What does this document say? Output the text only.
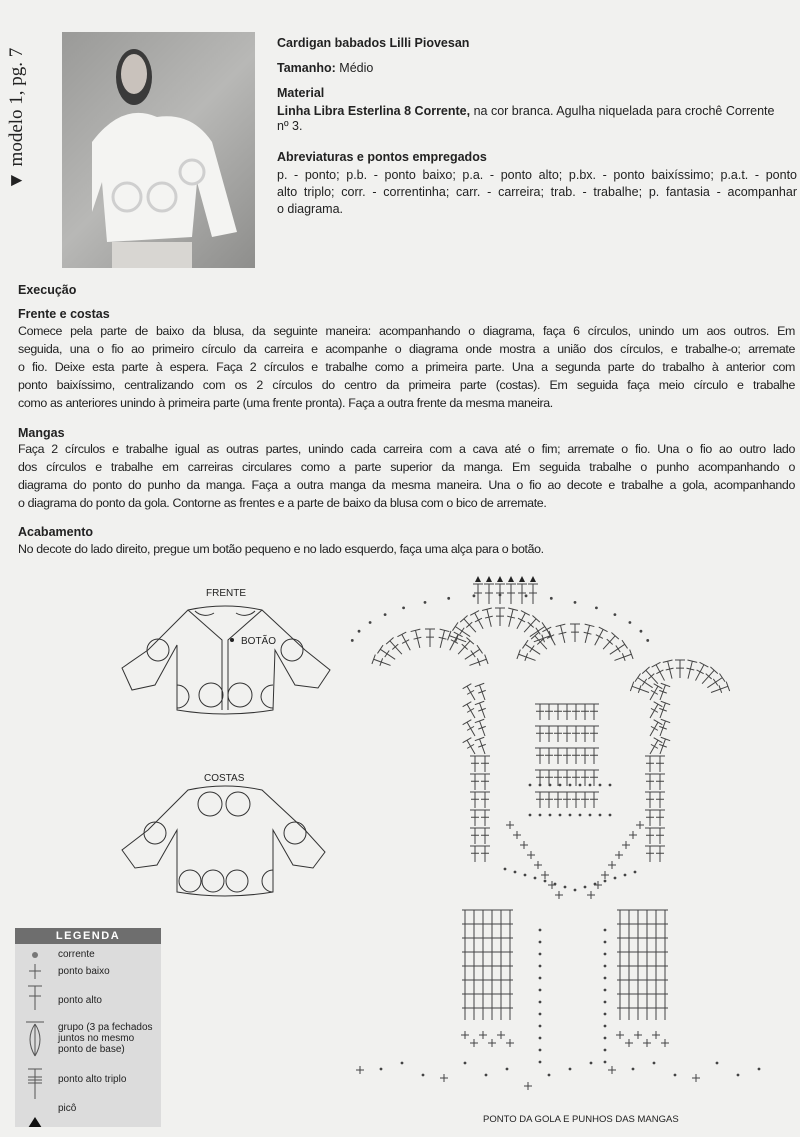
▼ modelo 1, pg. 7
Cardigan babados Lilli Piovesan
Tamanho: Médio
Material
Linha Libra Esterlina 8 Corrente, na cor branca. Agulha niquelada para crochê Corrente
nº 3.
Abreviaturas e pontos empregados
p. - ponto; p.b. - ponto baixo; p.a. - ponto alto; p.bx. - ponto baixíssimo; p.a.t. - ponto
alto triplo; corr. - correntinha; carr. - carreira; trab. - trabalhe; p. fantasia - acompanhar
o diagrama.
Execução
Frente e costas
Comece pela parte de baixo da blusa, da seguinte maneira: acompanhando o diagrama, faça 6 círculos, unindo um aos outros. Em
seguida, una o fio ao primeiro círculo da carreira e acompanhe o diagrama onde mostra a união dos círculos, e trabalhe-o; arremate
o fio. Deixe esta parte à espera. Faça 2 círculos e trabalhe como a primeira parte. Una a segunda parte do trabalho à anterior com
ponto baixíssimo, centralizando com os 2 círculos do centro da primeira parte (costas). Em seguida faça meio círculo e trabalhe
como as anteriores unindo à primeira parte (uma frente pronta). Faça a outra frente da mesma maneira.
Mangas
Faça 2 círculos e trabalhe igual as outras partes, unindo cada carreira com a cava até o fim; arremate o fio. Una o fio ao outro lado
dos círculos e trabalhe em carreiras circulares como a parte superior da manga. Em seguida trabalhe o punho acompanhando o
diagrama do ponto do punho da manga. Faça a outra manga da mesma maneira. Una o fio ao decote e trabalhe a gola, acompanhando
o diagrama do ponto da gola. Contorne as frentes e a parte de baixo da blusa com o bico de arremate.
Acabamento
No decote do lado direito, pregue um botão pequeno e no lado esquerdo, faça uma alça para o botão.
FRENTE
BOTÃO
COSTAS
PONTO DA GOLA E PUNHOS DAS MANGAS
LEGENDA
corrente
ponto baixo
ponto alto
grupo (3 pa fechados juntos no mesmo ponto de base)
ponto alto triplo
picô
